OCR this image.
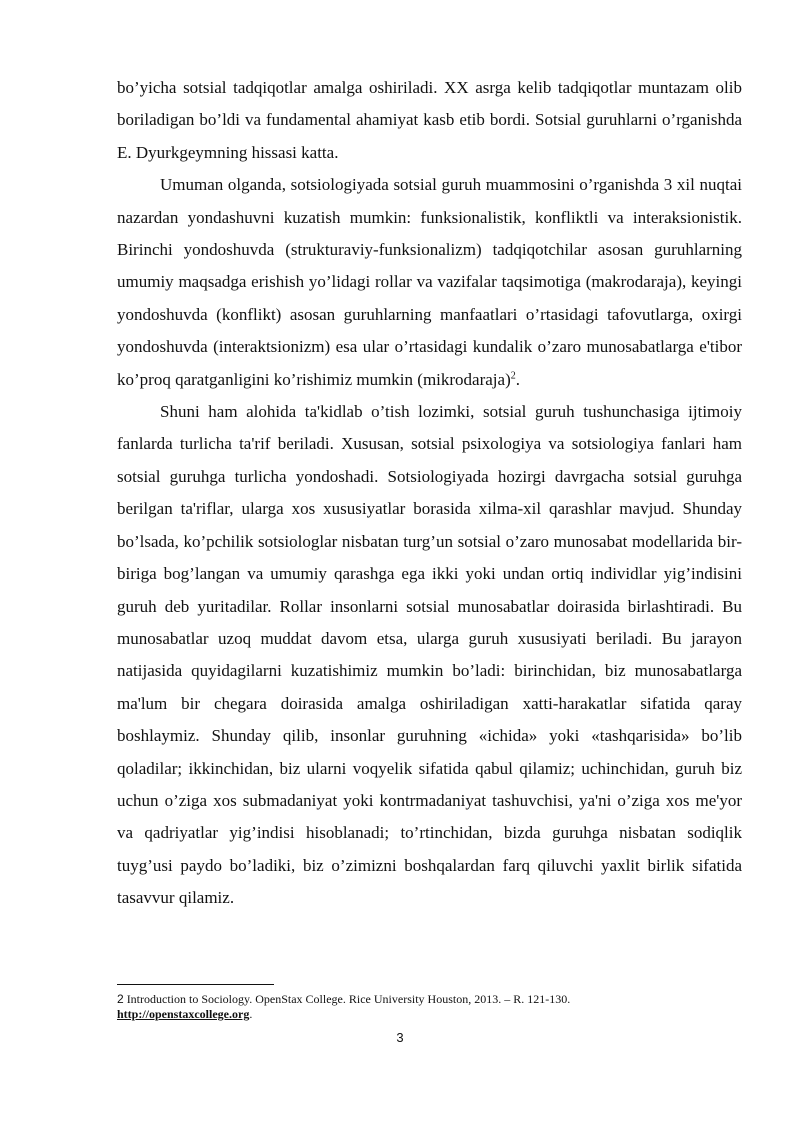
bo’yicha sotsial tadqiqotlar amalga oshiriladi. XX asrga kelib tadqiqotlar muntazam olib boriladigan bo’ldi va fundamental ahamiyat kasb etib bordi. Sotsial guruhlarni o’rganishda E. Dyurkgeymning hissasi katta.

Umuman olganda, sotsiologiyada sotsial guruh muammosini o’rganishda 3 xil nuqtai nazardan yondashuvni kuzatish mumkin: funksionalistik, konfliktli va interaksionistik. Birinchi yondoshuvda (strukturaviy-funksionalizm) tadqiqotchilar asosan guruhlarning umumiy maqsadga erishish yo’lidagi rollar va vazifalar taqsimotiga (makrodaraja), keyingi yondoshuvda (konflikt) asosan guruhlarning manfaatlari o’rtasidagi tafovutlarga, oxirgi yondoshuvda (interaktsionizm) esa ular o’rtasidagi kundalik o’zaro munosabatlarga e'tibor ko’proq qaratganligini ko’rishimiz mumkin (mikrodaraja)$^2$.

Shuni ham alohida ta'kidlab o’tish lozimki, sotsial guruh tushunchasiga ijtimoiy fanlarda turlicha ta'rif beriladi. Xususan, sotsial psixologiya va sotsiologiya fanlari ham sotsial guruhga turlicha yondoshadi. Sotsiologiyada hozirgi davrgacha sotsial guruhga berilgan ta'riflar, ularga xos xususiyatlar borasida xilma-xil qarashlar mavjud. Shunday bo’lsada, ko’pchilik sotsiologlar nisbatan turg’un sotsial o’zaro munosabat modellarida bir-biriga bog’langan va umumiy qarashga ega ikki yoki undan ortiq individlar yig’indisini guruh deb yuritadilar. Rollar insonlarni sotsial munosabatlar doirasida birlashtiradi. Bu munosabatlar uzoq muddat davom etsa, ularga guruh xususiyati beriladi. Bu jarayon natijasida quyidagilarni kuzatishimiz mumkin bo’ladi: birinchidan, biz munosabatlarga ma'lum bir chegara doirasida amalga oshiriladigan xatti-harakatlar sifatida qaray boshlaymiz. Shunday qilib, insonlar guruhning «ichida» yoki «tashqarisida» bo’lib qoladilar; ikkinchidan, biz ularni voqyelik sifatida qabul qilamiz; uchinchidan, guruh biz uchun o’ziga xos submadaniyat yoki kontrmadaniyat tashuvchisi, ya'ni o’ziga xos me'yor va qadriyatlar yig’indisi hisoblanadi; to’rtinchidan, bizda guruhga nisbatan sodiqlik tuyg’usi paydo bo’ladiki, biz o’zimizni boshqalardan farq qiluvchi yaxlit birlik sifatida tasavvur qilamiz.

2 Introduction to Sociology. OpenStax College. Rice University Houston, 2013. – R. 121-130.
http://openstaxcollege.org.
3
